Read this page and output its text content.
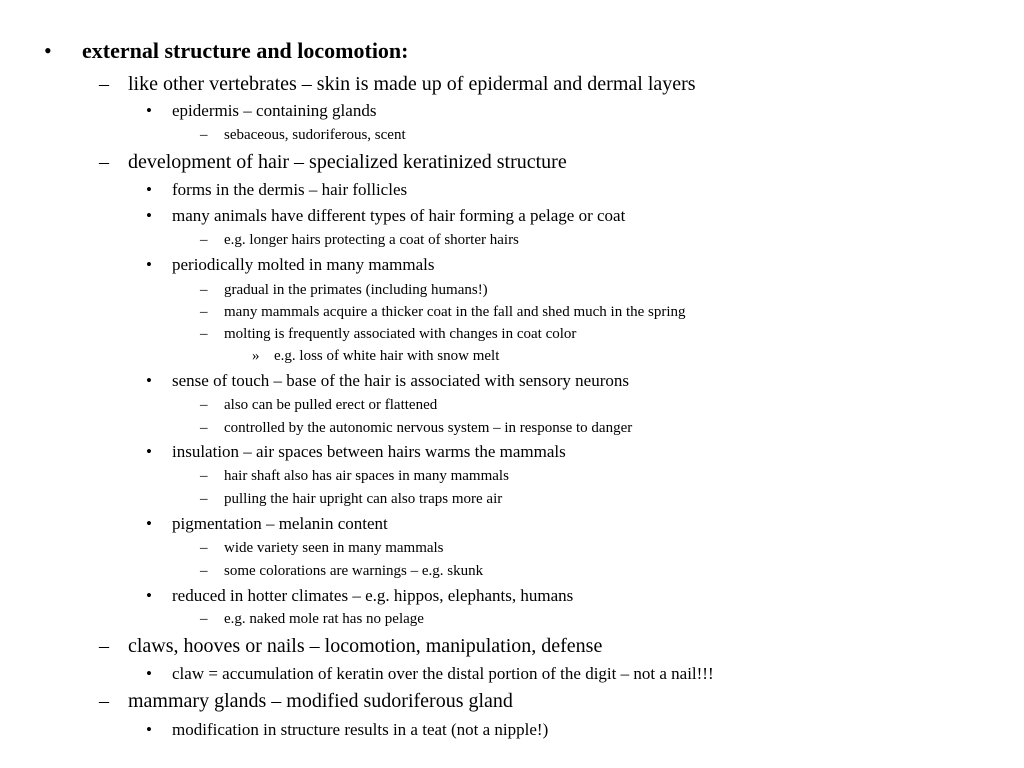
• external structure and locomotion:
– like other vertebrates – skin is made up of epidermal and dermal layers
• epidermis – containing glands
– sebaceous, sudoriferous, scent
– development of hair – specialized keratinized structure
• forms in the dermis – hair follicles
• many animals have different types of hair forming a pelage or coat
– e.g. longer hairs protecting a coat of shorter hairs
• periodically molted in many mammals
– gradual in the primates (including humans!)
– many mammals acquire a thicker coat in the fall and shed much in the spring
– molting is frequently associated with changes in coat color
» e.g. loss of white hair with snow melt
• sense of touch – base of the hair is associated with sensory neurons
– also can be pulled erect or flattened
– controlled by the autonomic nervous system – in response to danger
• insulation – air spaces between hairs warms the mammals
– hair shaft also has air spaces in many mammals
– pulling the hair upright can also traps more air
• pigmentation – melanin content
– wide variety seen in many mammals
– some colorations are warnings – e.g. skunk
• reduced in hotter climates – e.g. hippos, elephants, humans
– e.g. naked mole rat has no pelage
– claws, hooves or nails – locomotion, manipulation, defense
• claw = accumulation of keratin over the distal portion of the digit – not a nail!!!
– mammary glands – modified sudoriferous gland
• modification in structure results in a teat (not a nipple!)
